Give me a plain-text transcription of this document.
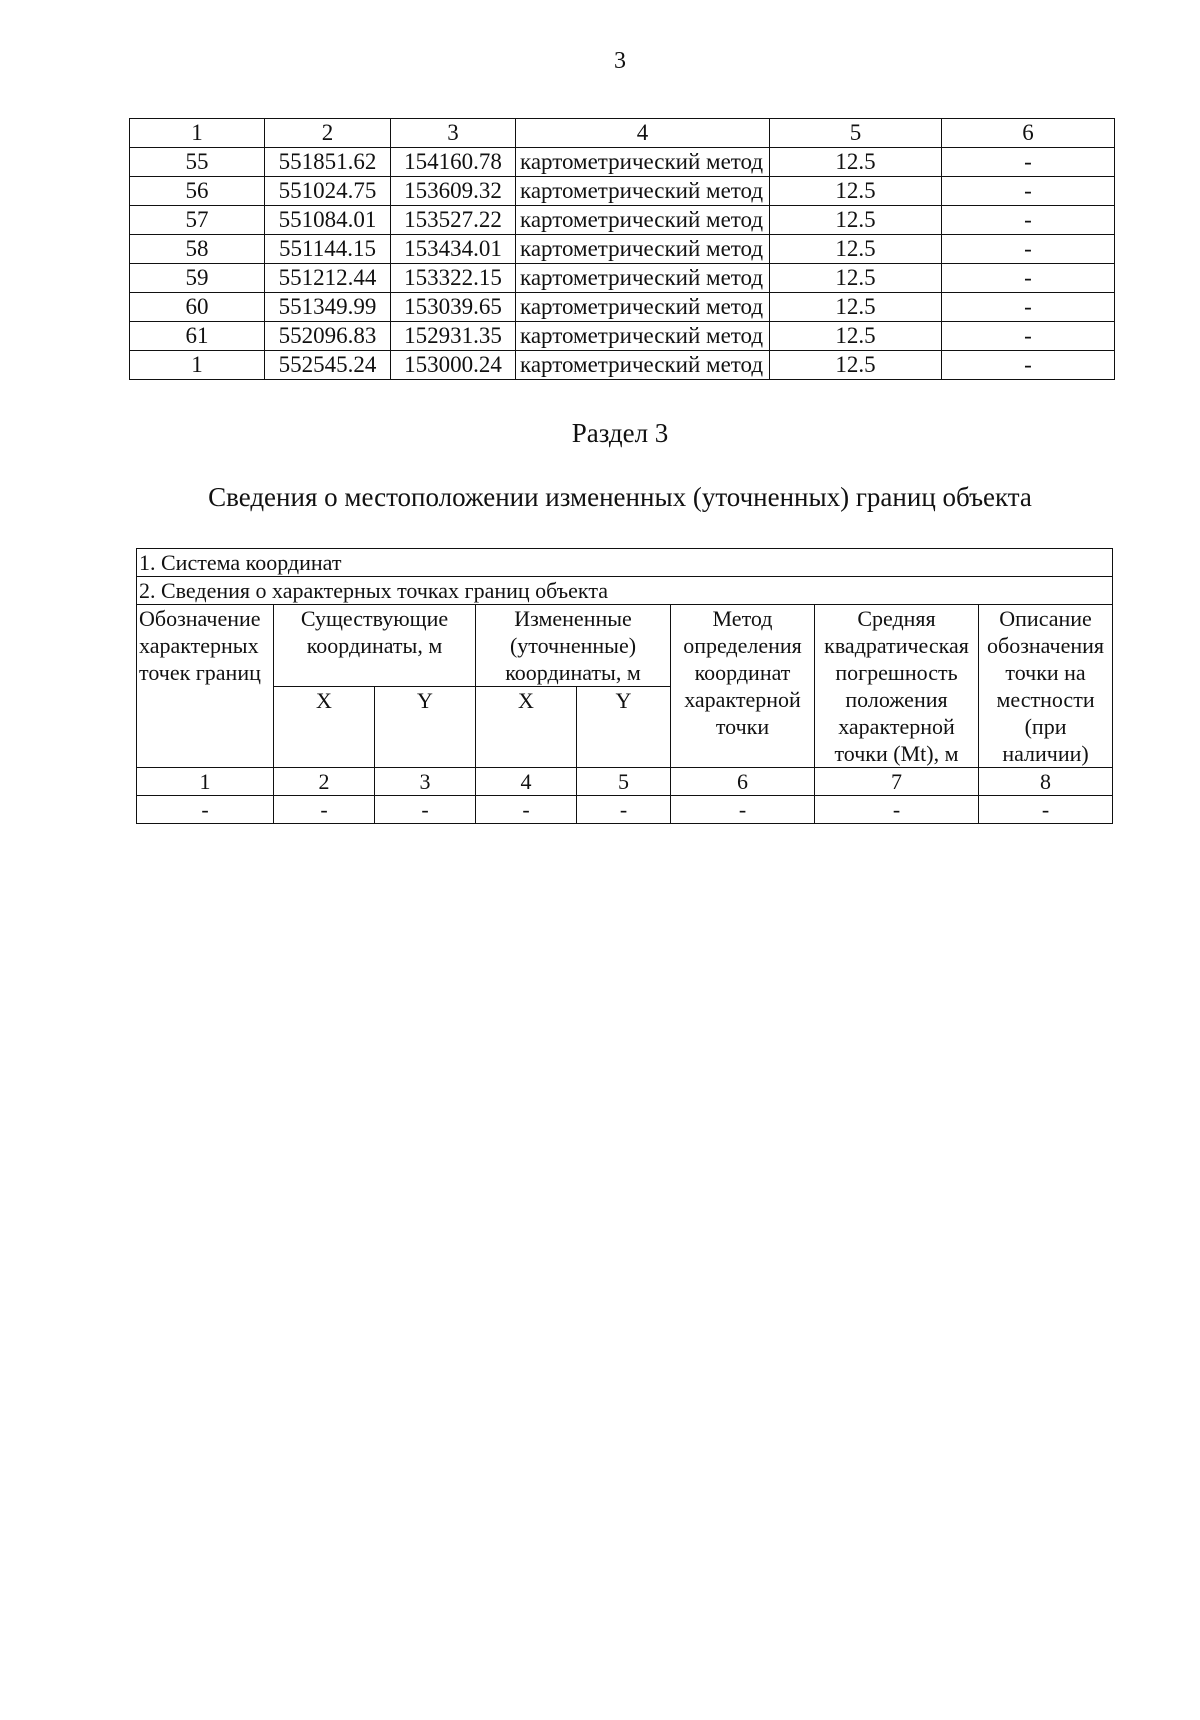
3
1	2	3	4	5	6
55	551851.62	154160.78	картометрический метод	12.5	-
56	551024.75	153609.32	картометрический метод	12.5	-
57	551084.01	153527.22	картометрический метод	12.5	-
58	551144.15	153434.01	картометрический метод	12.5	-
59	551212.44	153322.15	картометрический метод	12.5	-
60	551349.99	153039.65	картометрический метод	12.5	-
61	552096.83	152931.35	картометрический метод	12.5	-
1	552545.24	153000.24	картометрический метод	12.5	-
Раздел 3
Сведения о местоположении измененных (уточненных) границ объекта
1. Система координат							
2. Сведения о характерных точках границ объекта							
Обозначение характерных точек границ	Существующие координаты, м		Измененные (уточненные) координаты, м		Метод определения координат характерной точки	Средняя квадратическая погрешность положения характерной точки (Mt), м	Описание обозначения точки на местности (при наличии)
	X	Y	X	Y			
1	2	3	4	5	6	7	8
-	-	-	-	-	-	-	-
